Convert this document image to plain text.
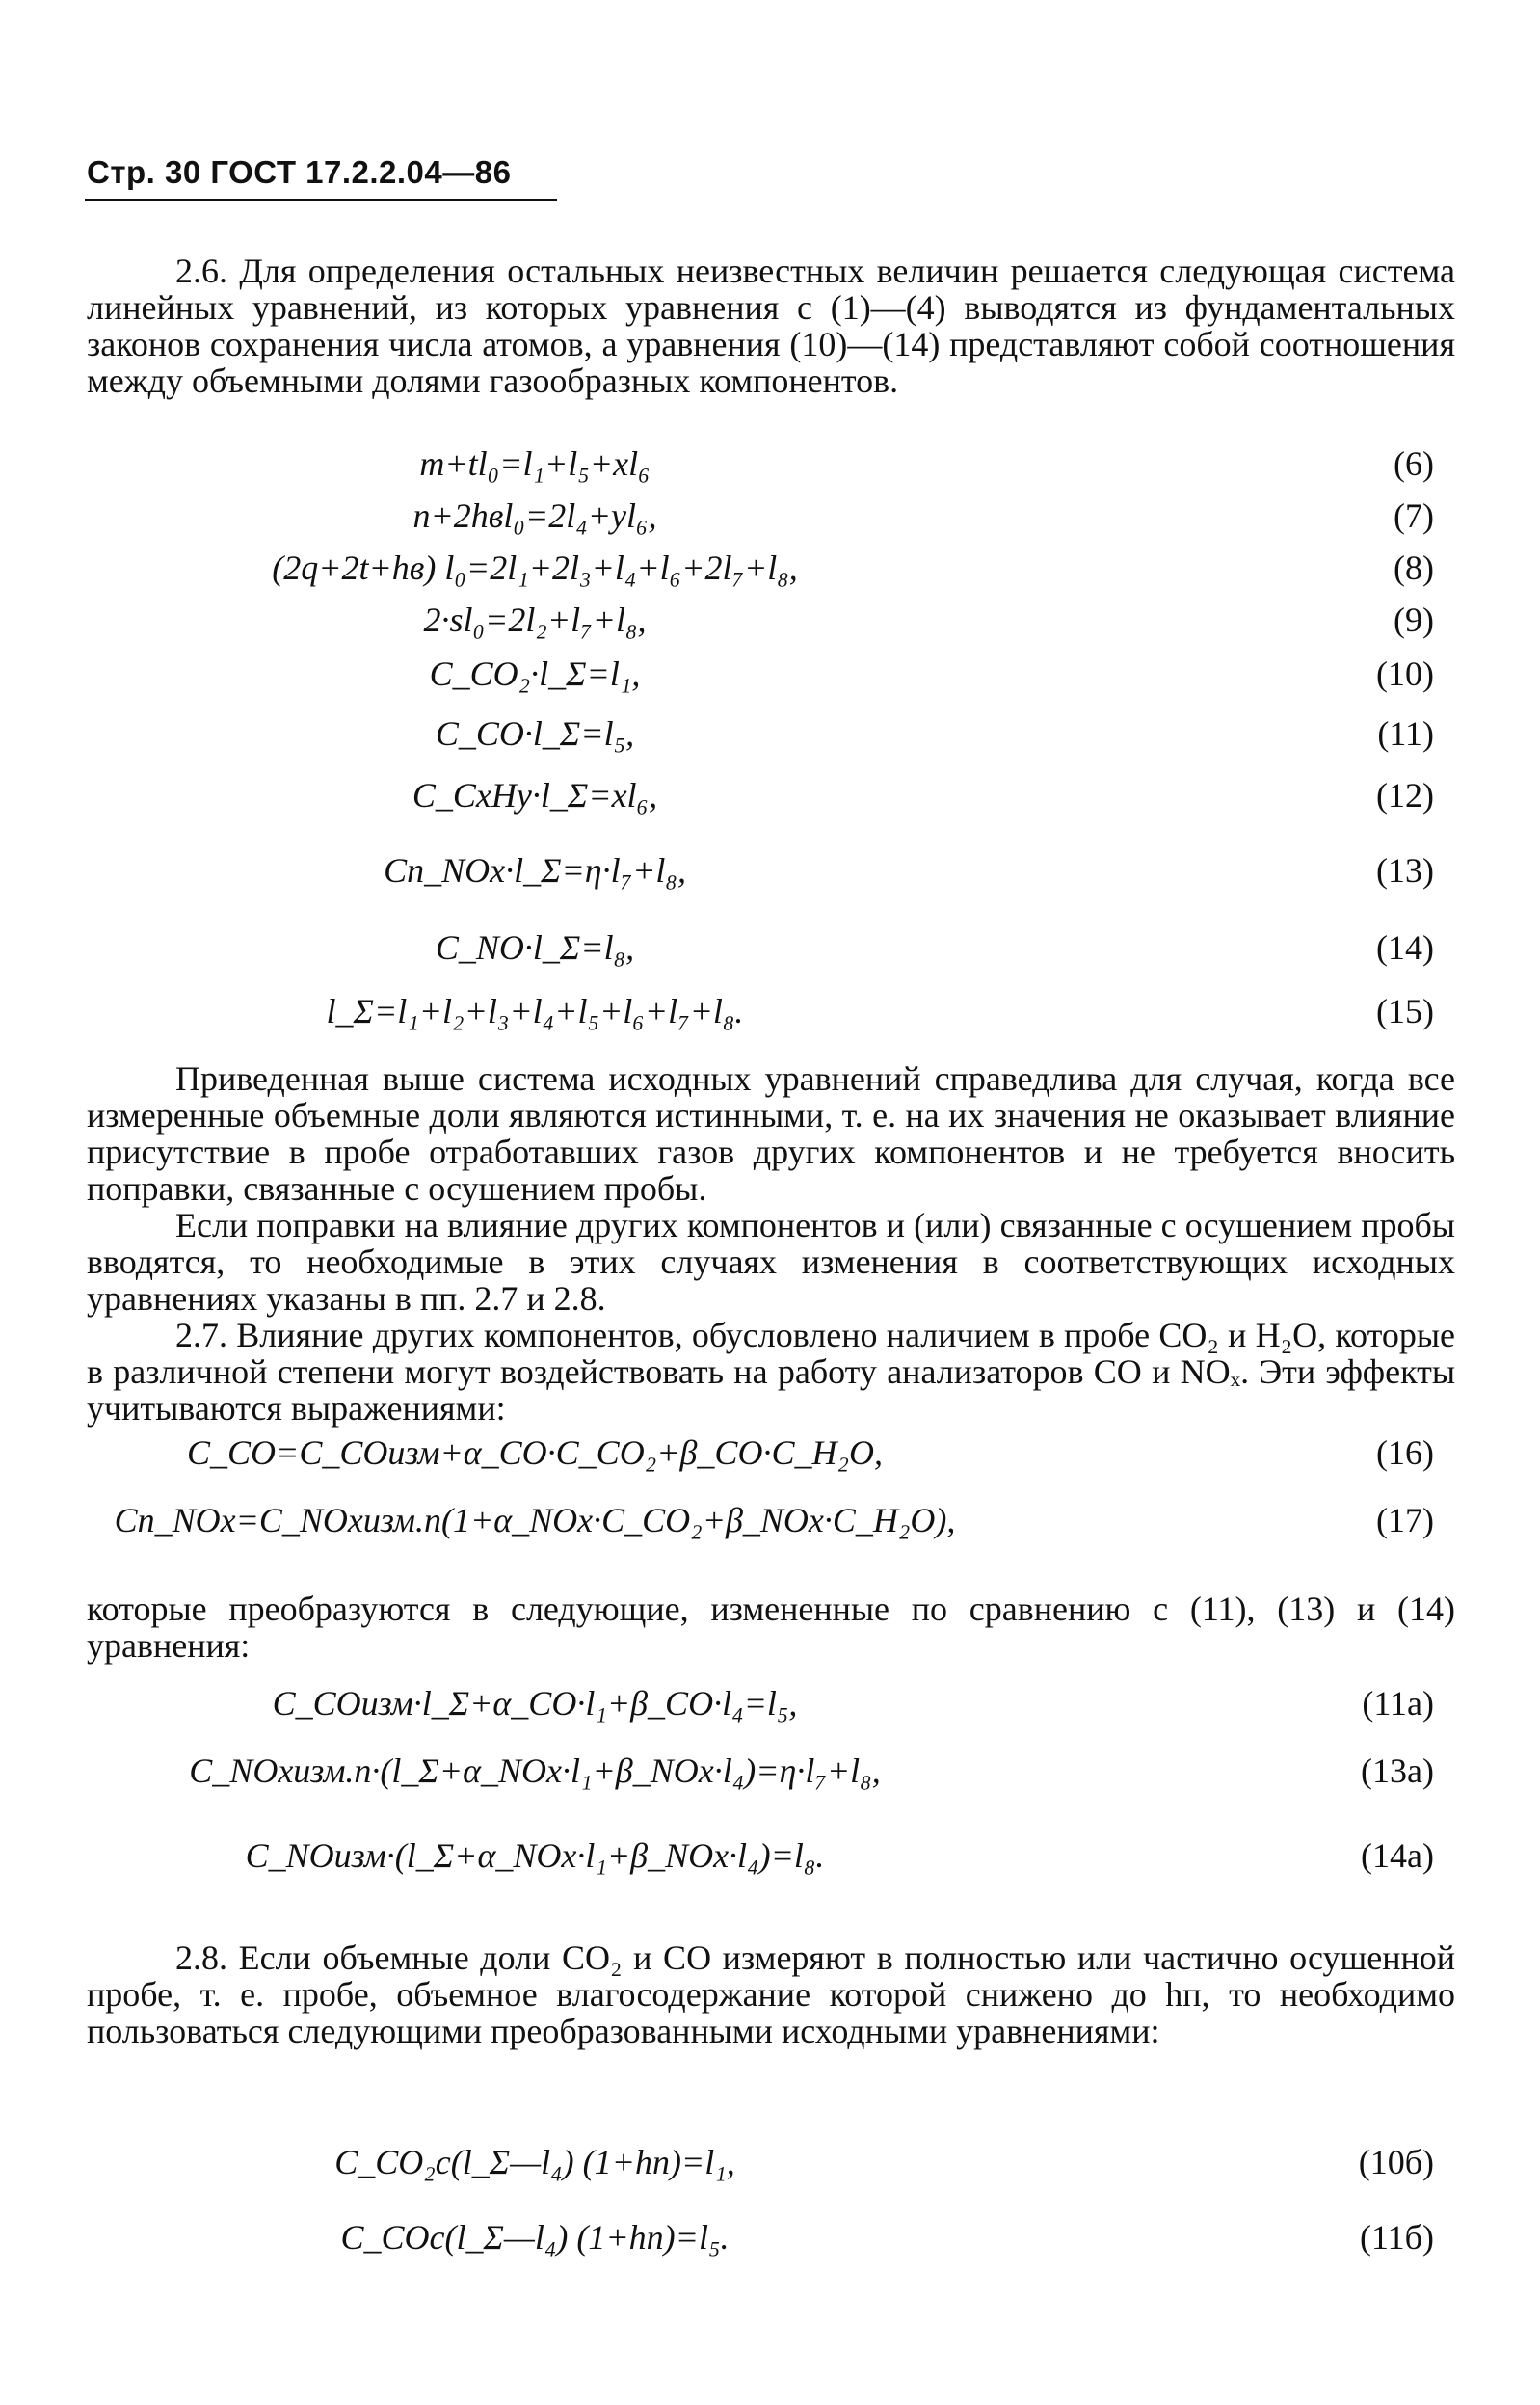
Стр. 30 ГОСТ 17.2.2.04—86

2.6. Для определения остальных неизвестных величин решается следующая система линейных уравнений, из которых уравнения с (1)—(4) выводятся из фундаментальных законов сохранения числа атомов, а уравнения (10)—(14) представляют собой соотношения между объемными долями газообразных компонентов.

m+tl₀=l₁+l₅+xl₆	(6)
n+2hвl₀=2l₄+yl₆,	(7)
(2q+2t+hв) l₀=2l₁+2l₃+l₄+l₆+2l₇+l₈,	(8)
2·sl₀=2l₂+l₇+l₈,	(9)
C_CO₂·l_Σ=l₁,	(10)
C_CO·l_Σ=l₅,	(11)
C_CxHy·l_Σ=xl₆,	(12)
Cп_NOx·l_Σ=η·l₇+l₈,	(13)
C_NO·l_Σ=l₈,	(14)
l_Σ=l₁+l₂+l₃+l₄+l₅+l₆+l₇+l₈.	(15)

Приведенная выше система исходных уравнений справедлива для случая, когда все измеренные объемные доли являются истинными, т. е. на их значения не оказывает влияние присутствие в пробе отработавших газов других компонентов и не требуется вносить поправки, связанные с осушением пробы.

Если поправки на влияние других компонентов и (или) связанные с осушением пробы вводятся, то необходимые в этих случаях изменения в соответствующих исходных уравнениях указаны в пп. 2.7 и 2.8.

2.7. Влияние других компонентов, обусловлено наличием в пробе CO₂ и H₂O, которые в различной степени могут воздействовать на работу анализаторов CO и NOₓ. Эти эффекты учитываются выражениями:

C_CO=C_COизм+α_CO·C_CO₂+β_CO·C_H₂O,	(16)
Cп_NOx=C_NOxизм.п(1+α_NOx·C_CO₂+β_NOx·C_H₂O),	(17)

которые преобразуются в следующие, измененные по сравнению с (11), (13) и (14) уравнения:

C_COизм·l_Σ+α_CO·l₁+β_CO·l₄=l₅,	(11а)
C_NOxизм.п·(l_Σ+α_NOx·l₁+β_NOx·l₄)=η·l₇+l₈,	(13а)
C_NOизм·(l_Σ+α_NOx·l₁+β_NOx·l₄)=l₈.	(14а)

2.8. Если объемные доли CO₂ и CO измеряют в полностью или частично осушенной пробе, т. е. пробе, объемное влагосодержание которой снижено до hп, то необходимо пользоваться следующими преобразованными исходными уравнениями:

C_CO₂с(l_Σ—l₄) (1+hп)=l₁,	(10б)
C_COс(l_Σ—l₄) (1+hп)=l₅.	(11б)
